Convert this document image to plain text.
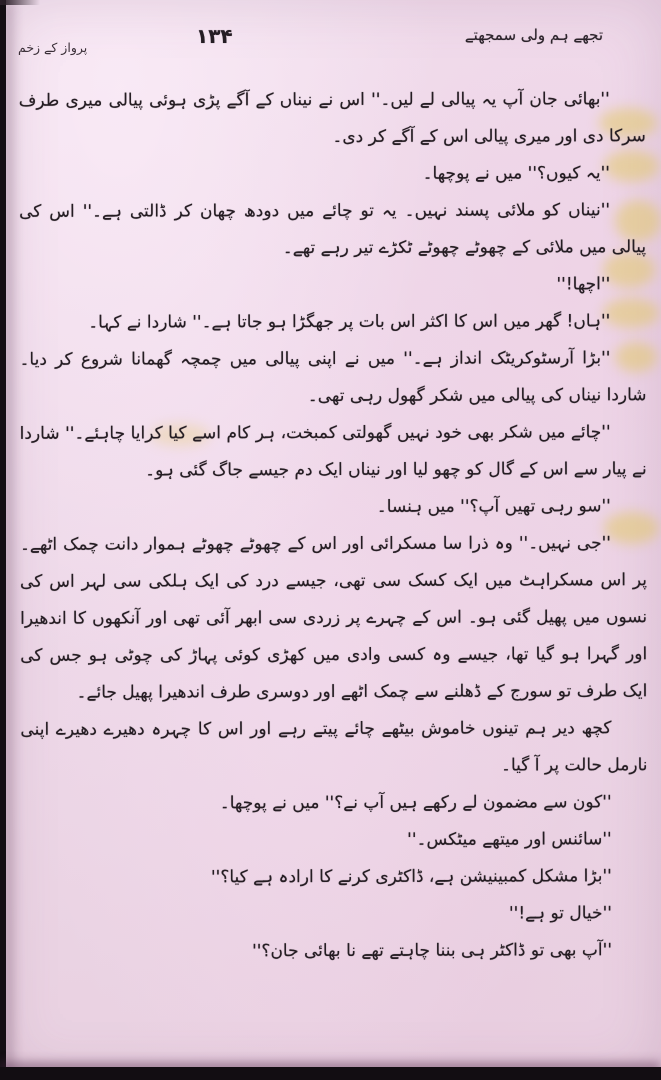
تجھے ہم ولی سمجھتے
۱۳۴
پرواز کے زخم

''بھائی جان آپ یہ پیالی لے لیں۔'' اس نے نیناں کے آگے پڑی ہوئی پیالی میری طرف سرکا دی اور میری پیالی اس کے آگے کر دی۔

''یہ کیوں؟'' میں نے پوچھا۔

''نیناں کو ملائی پسند نہیں۔ یہ تو چائے میں دودھ چھان کر ڈالتی ہے۔'' اس کی پیالی میں ملائی کے چھوٹے چھوٹے ٹکڑے تیر رہے تھے۔

''اچھا!''

''ہاں! گھر میں اس کا اکثر اس بات پر جھگڑا ہو جاتا ہے۔'' شاردا نے کہا۔

''بڑا آرسٹوکریٹک انداز ہے۔'' میں نے اپنی پیالی میں چمچہ گھمانا شروع کر دیا۔ شاردا نیناں کی پیالی میں شکر گھول رہی تھی۔

''چائے میں شکر بھی خود نہیں گھولتی کمبخت، ہر کام اسے کیا کرایا چاہئے۔'' شاردا نے پیار سے اس کے گال کو چھو لیا اور نیناں ایک دم جیسے جاگ گئی ہو۔

''سو رہی تھیں آپ؟'' میں ہنسا۔

''جی نہیں۔'' وہ ذرا سا مسکرائی اور اس کے چھوٹے چھوٹے ہموار دانت چمک اٹھے۔ پر اس مسکراہٹ میں ایک کسک سی تھی، جیسے درد کی ایک ہلکی سی لہر اس کی نسوں میں پھیل گئی ہو۔ اس کے چہرے پر زردی سی ابھر آئی تھی اور آنکھوں کا اندھیرا اور گہرا ہو گیا تھا، جیسے وہ کسی وادی میں کھڑی کوئی پہاڑ کی چوٹی ہو جس کی ایک طرف تو سورج کے ڈھلنے سے چمک اٹھے اور دوسری طرف اندھیرا پھیل جائے۔

کچھ دیر ہم تینوں خاموش بیٹھے چائے پیتے رہے اور اس کا چہرہ دھیرے دھیرے اپنی نارمل حالت پر آ گیا۔

''کون سے مضمون لے رکھے ہیں آپ نے؟'' میں نے پوچھا۔

''سائنس اور میتھے میٹکس۔''

''بڑا مشکل کمبینیشن ہے، ڈاکٹری کرنے کا ارادہ ہے کیا؟''

''خیال تو ہے!''

''آپ بھی تو ڈاکٹر ہی بننا چاہتے تھے نا بھائی جان؟''
